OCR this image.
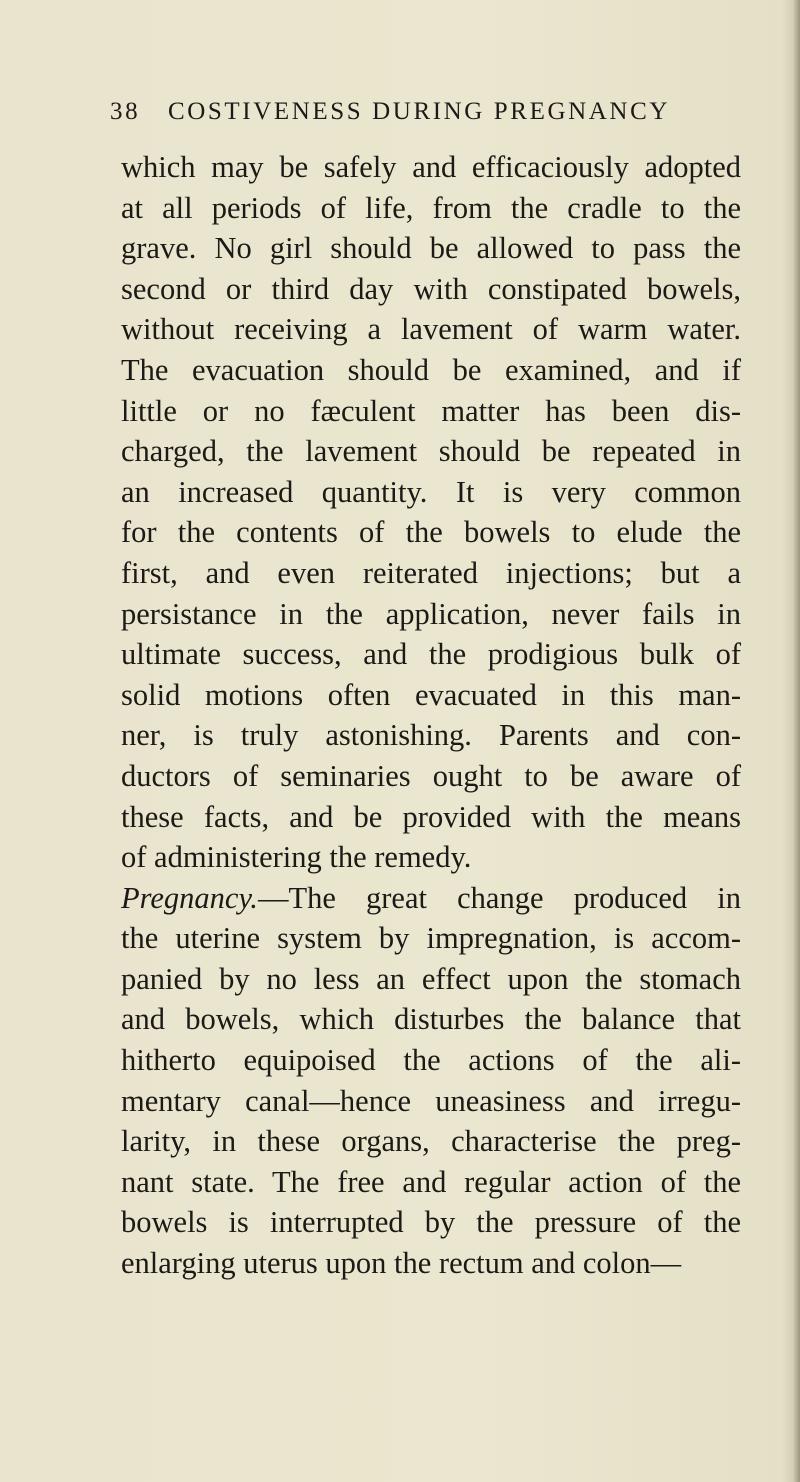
38 COSTIVENESS DURING PREGNANCY
which may be safely and efficaciously adopted
at all periods of life, from the cradle to the
grave. No girl should be allowed to pass the
second or third day with constipated bowels,
without receiving a lavement of warm water.
The evacuation should be examined, and if
little or no fæculent matter has been dis-
charged, the lavement should be repeated in
an increased quantity. It is very common
for the contents of the bowels to elude the
first, and even reiterated injections; but a
persistance in the application, never fails in
ultimate success, and the prodigious bulk of
solid motions often evacuated in this man-
ner, is truly astonishing. Parents and con-
ductors of seminaries ought to be aware of
these facts, and be provided with the means
of administering the remedy.
Pregnancy.—The great change produced in
the uterine system by impregnation, is accom-
panied by no less an effect upon the stomach
and bowels, which disturbes the balance that
hitherto equipoised the actions of the ali-
mentary canal—hence uneasiness and irregu-
larity, in these organs, characterise the preg-
nant state. The free and regular action of the
bowels is interrupted by the pressure of the
enlarging uterus upon the rectum and colon—
